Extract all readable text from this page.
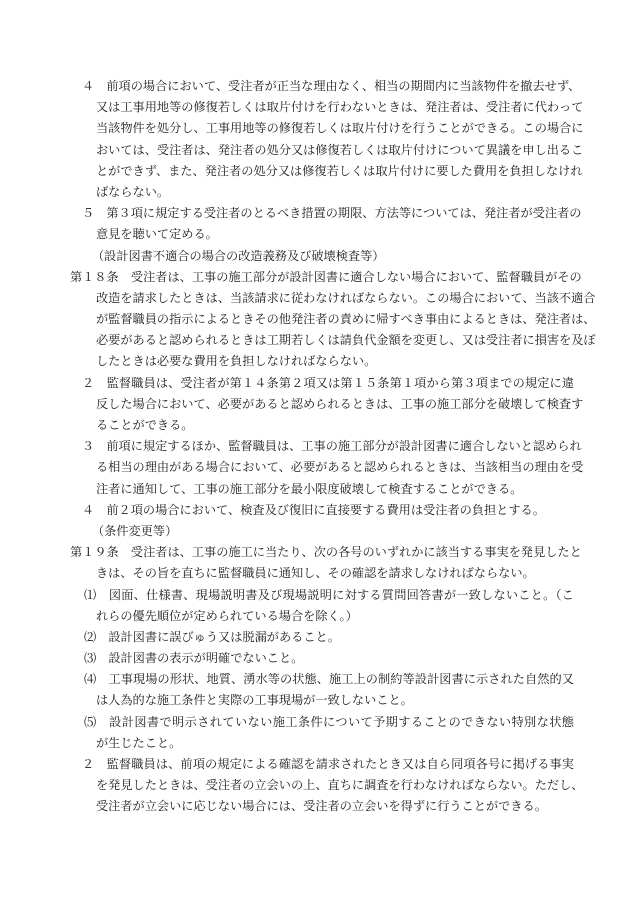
４　前項の場合において、受注者が正当な理由なく、相当の期間内に当該物件を撤去せず、
又は工事用地等の修復若しくは取片付けを行わないときは、発注者は、受注者に代わって
当該物件を処分し、工事用地等の修復若しくは取片付けを行うことができる。この場合に
おいては、受注者は、発注者の処分又は修復若しくは取片付けについて異議を申し出るこ
とができず、また、発注者の処分又は修復若しくは取片付けに要した費用を負担しなけれ
ばならない。
５　第３項に規定する受注者のとるべき措置の期限、方法等については、発注者が受注者の
意見を聴いて定める。
（設計図書不適合の場合の改造義務及び破壊検査等）
第１８条　受注者は、工事の施工部分が設計図書に適合しない場合において、監督職員がその
改造を請求したときは、当該請求に従わなければならない。この場合において、当該不適合
が監督職員の指示によるときその他発注者の責めに帰すべき事由によるときは、発注者は、
必要があると認められるときは工期若しくは請負代金額を変更し、又は受注者に損害を及ぼ
したときは必要な費用を負担しなければならない。
２　監督職員は、受注者が第１４条第２項又は第１５条第１項から第３項までの規定に違
反した場合において、必要があると認められるときは、工事の施工部分を破壊して検査す
ることができる。
３　前項に規定するほか、監督職員は、工事の施工部分が設計図書に適合しないと認められ
る相当の理由がある場合において、必要があると認められるときは、当該相当の理由を受
注者に通知して、工事の施工部分を最小限度破壊して検査することができる。
４　前２項の場合において、検査及び復旧に直接要する費用は受注者の負担とする。
（条件変更等）
第１９条　受注者は、工事の施工に当たり、次の各号のいずれかに該当する事実を発見したと
きは、その旨を直ちに監督職員に通知し、その確認を請求しなければならない。
⑴　図面、仕様書、現場説明書及び現場説明に対する質問回答書が一致しないこと。（こ
れらの優先順位が定められている場合を除く。）
⑵　設計図書に誤びゅう又は脱漏があること。
⑶　設計図書の表示が明確でないこと。
⑷　工事現場の形状、地質、湧水等の状態、施工上の制約等設計図書に示された自然的又
は人為的な施工条件と実際の工事現場が一致しないこと。
⑸　設計図書で明示されていない施工条件について予期することのできない特別な状態
が生じたこと。
２　監督職員は、前項の規定による確認を請求されたとき又は自ら同項各号に掲げる事実
を発見したときは、受注者の立会いの上、直ちに調査を行わなければならない。ただし、
受注者が立会いに応じない場合には、受注者の立会いを得ずに行うことができる。
